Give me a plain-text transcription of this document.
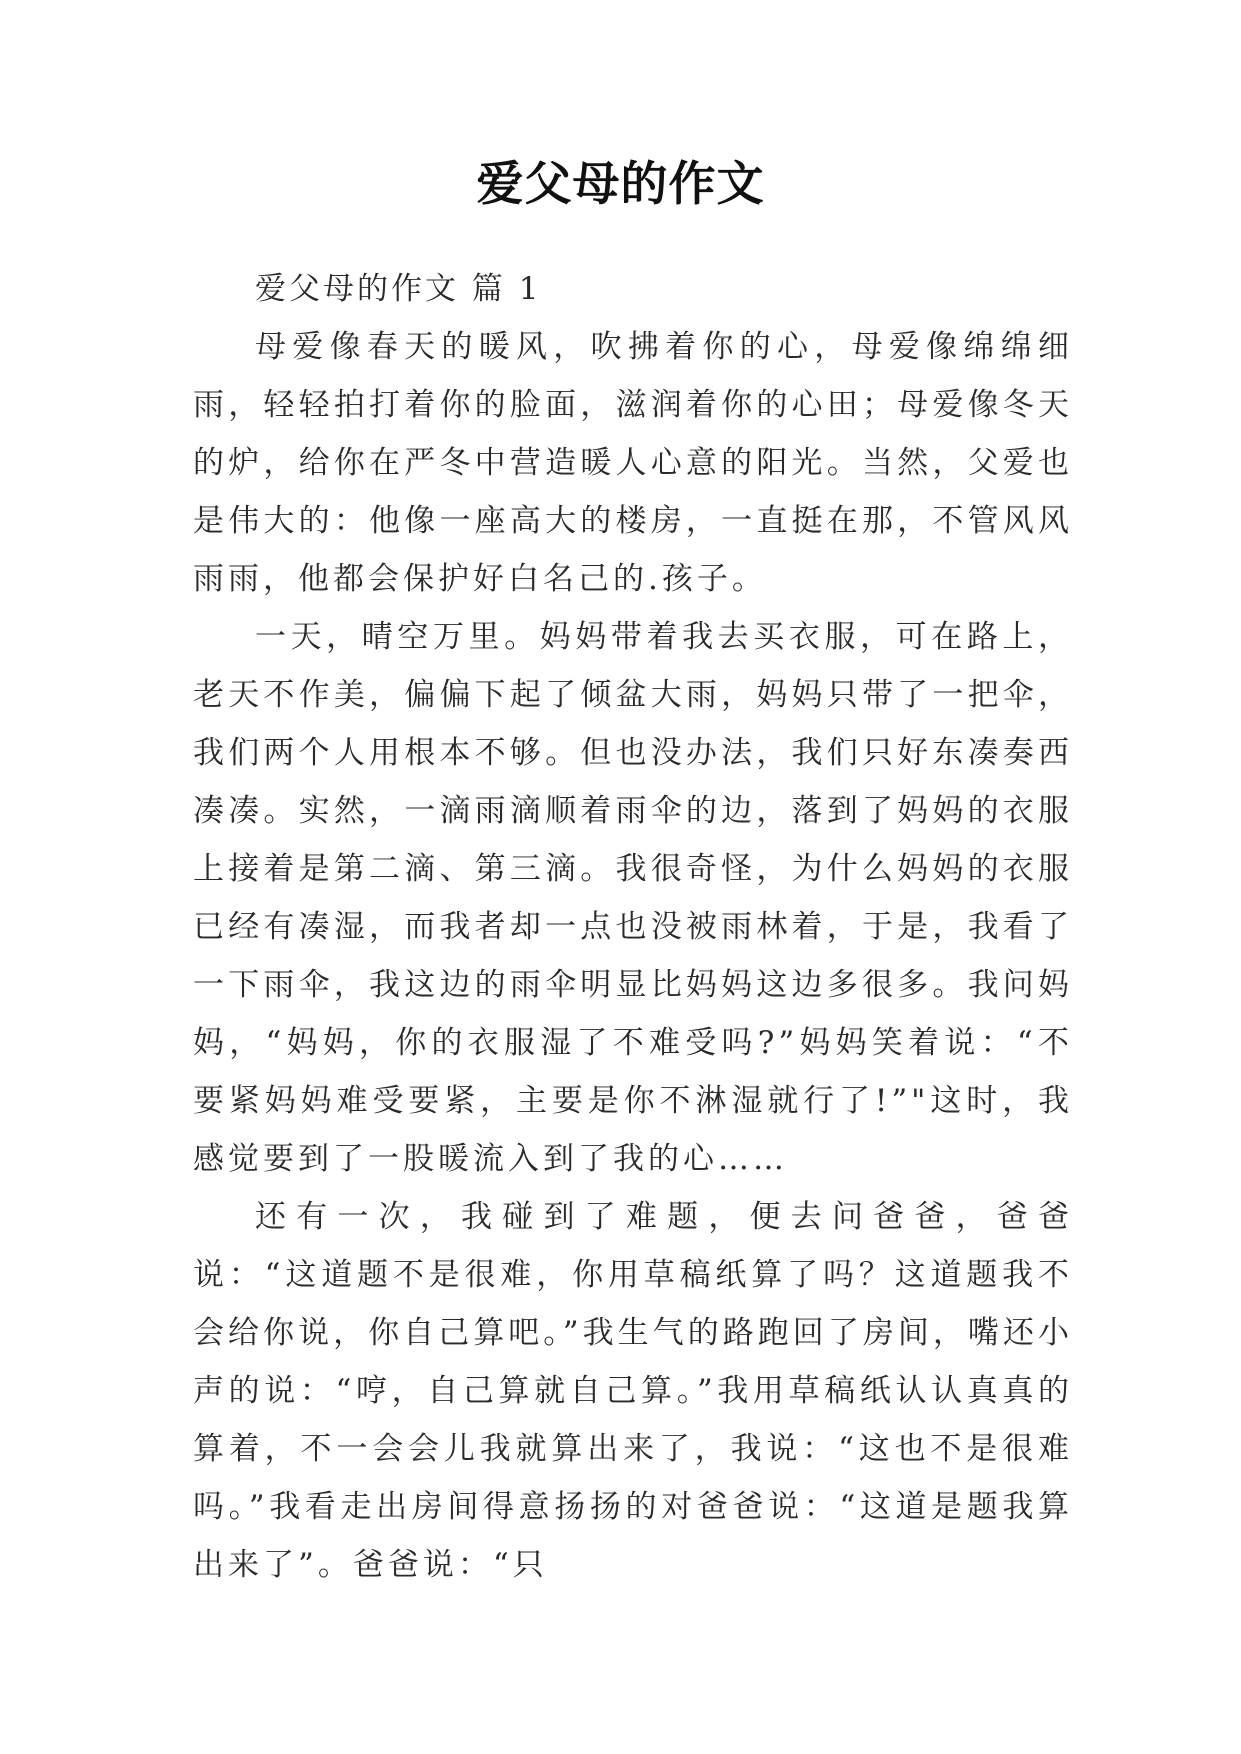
爱父母的作文

爱父母的作文 篇 1

母爱像春天的暖风，吹拂着你的心，母爱像绵绵细雨，轻轻拍打着你的脸面，滋润着你的心田；母爱像冬天的炉，给你在严冬中营造暖人心意的阳光。当然，父爱也是伟大的：他像一座高大的楼房，一直挺在那，不管风风雨雨，他都会保护好白名己的.孩子。

一天，晴空万里。妈妈带着我去买衣服，可在路上，老天不作美，偏偏下起了倾盆大雨，妈妈只带了一把伞，我们两个人用根本不够。但也没办法，我们只好东凑奏西凑凑。实然，一滴雨滴顺着雨伞的边，落到了妈妈的衣服上接着是第二滴、第三滴。我很奇怪，为什么妈妈的衣服已经有凑湿，而我者却一点也没被雨林着，于是，我看了一下雨伞，我这边的雨伞明显比妈妈这边多很多。我问妈妈，“妈妈，你的衣服湿了不难受吗?”妈妈笑着说：“不要紧妈妈难受要紧，主要是你不淋湿就行了!”"这时，我感觉要到了一股暖流入到了我的心……

还有一次，我碰到了难题，便去问爸爸，爸爸说：“这道题不是很难，你用草稿纸算了吗？这道题我不会给你说，你自己算吧。”我生气的路跑回了房间，嘴还小声的说：“哼，自己算就自己算。”我用草稿纸认认真真的算着，不一会会儿我就算出来了，我说：“这也不是很难吗。”我看走出房间得意扬扬的对爸爸说：“这道是题我算出来了”。爸爸说：“只
